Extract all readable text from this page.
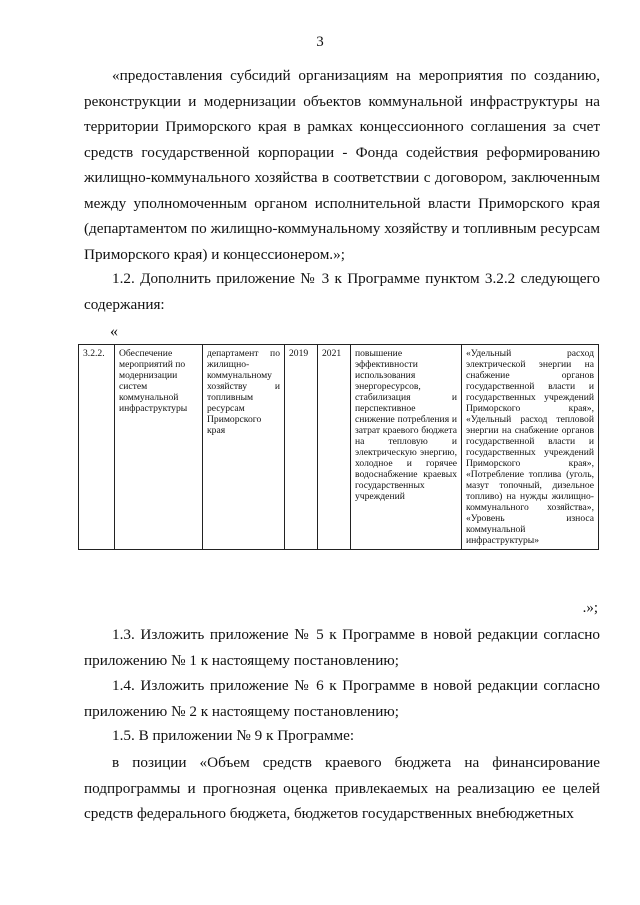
3

«предоставления субсидий организациям на мероприятия по созданию, реконструкции и модернизации объектов коммунальной инфраструктуры на территории Приморского края в рамках концессионного соглашения за счет средств государственной корпорации - Фонда содействия реформированию жилищно-коммунального хозяйства в соответствии с договором, заключенным между уполномоченным органом исполнительной власти Приморского края (департаментом по жилищно-коммунальному хозяйству и топливным ресурсам Приморского края) и концессионером.»;

1.2. Дополнить приложение № 3 к Программе пунктом 3.2.2 следующего содержания:

«
3.2.2.	Обеспечение мероприятий по модернизации систем коммунальной инфраструктуры	департамент по жилищно-коммунальному хозяйству и топливным ресурсам Приморского края	2019	2021	повышение эффективности использования энергоресурсов, стабилизация и перспективное снижение потребления и затрат краевого бюджета на тепловую и электрическую энергию, холодное и горячее водоснабжение краевых государственных учреждений	«Удельный расход электрической энергии на снабжение органов государственной власти и государственных учреждений Приморского края», «Удельный расход тепловой энергии на снабжение органов государственной власти и государственных учреждений Приморского края», «Потребление топлива (уголь, мазут топочный, дизельное топливо) на нужды жилищно-коммунального хозяйства», «Уровень износа коммунальной инфраструктуры»
.»;

1.3. Изложить приложение № 5 к Программе в новой редакции согласно приложению № 1 к настоящему постановлению;

1.4. Изложить приложение № 6 к Программе в новой редакции согласно приложению № 2 к настоящему постановлению;

1.5. В приложении № 9 к Программе:

в позиции «Объем средств краевого бюджета на финансирование подпрограммы и прогнозная оценка привлекаемых на реализацию ее целей средств федерального бюджета, бюджетов государственных внебюджетных
